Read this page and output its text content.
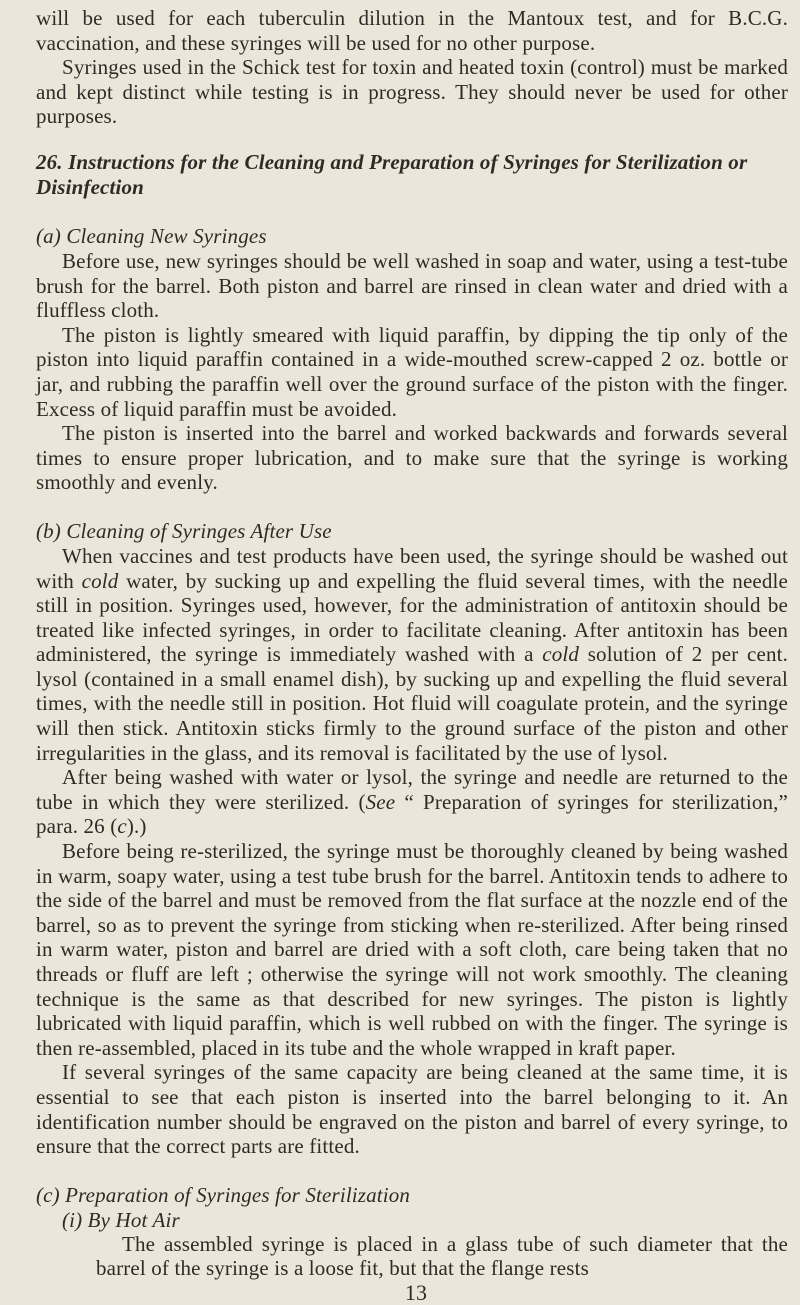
will be used for each tuberculin dilution in the Mantoux test, and for B.C.G. vaccination, and these syringes will be used for no other purpose.

Syringes used in the Schick test for toxin and heated toxin (control) must be marked and kept distinct while testing is in progress. They should never be used for other purposes.

26. Instructions for the Cleaning and Preparation of Syringes for Sterilization or Disinfection

(a) Cleaning New Syringes

Before use, new syringes should be well washed in soap and water, using a test-tube brush for the barrel. Both piston and barrel are rinsed in clean water and dried with a fluffless cloth.

The piston is lightly smeared with liquid paraffin, by dipping the tip only of the piston into liquid paraffin contained in a wide-mouthed screw-capped 2 oz. bottle or jar, and rubbing the paraffin well over the ground surface of the piston with the finger. Excess of liquid paraffin must be avoided.

The piston is inserted into the barrel and worked backwards and forwards several times to ensure proper lubrication, and to make sure that the syringe is working smoothly and evenly.

(b) Cleaning of Syringes After Use

When vaccines and test products have been used, the syringe should be washed out with cold water, by sucking up and expelling the fluid several times, with the needle still in position. Syringes used, however, for the administration of antitoxin should be treated like infected syringes, in order to facilitate cleaning. After antitoxin has been administered, the syringe is immediately washed with a cold solution of 2 per cent. lysol (contained in a small enamel dish), by sucking up and expelling the fluid several times, with the needle still in position. Hot fluid will coagulate protein, and the syringe will then stick. Antitoxin sticks firmly to the ground surface of the piston and other irregularities in the glass, and its removal is facilitated by the use of lysol.

After being washed with water or lysol, the syringe and needle are returned to the tube in which they were sterilized. (See “ Preparation of syringes for sterilization,” para. 26 (c).)

Before being re-sterilized, the syringe must be thoroughly cleaned by being washed in warm, soapy water, using a test tube brush for the barrel. Antitoxin tends to adhere to the side of the barrel and must be removed from the flat surface at the nozzle end of the barrel, so as to prevent the syringe from sticking when re-sterilized. After being rinsed in warm water, piston and barrel are dried with a soft cloth, care being taken that no threads or fluff are left ; otherwise the syringe will not work smoothly. The cleaning technique is the same as that described for new syringes. The piston is lightly lubricated with liquid paraffin, which is well rubbed on with the finger. The syringe is then re-assembled, placed in its tube and the whole wrapped in kraft paper.

If several syringes of the same capacity are being cleaned at the same time, it is essential to see that each piston is inserted into the barrel belonging to it. An identification number should be engraved on the piston and barrel of every syringe, to ensure that the correct parts are fitted.

(c) Preparation of Syringes for Sterilization

(i) By Hot Air

The assembled syringe is placed in a glass tube of such diameter that the barrel of the syringe is a loose fit, but that the flange rests

13
